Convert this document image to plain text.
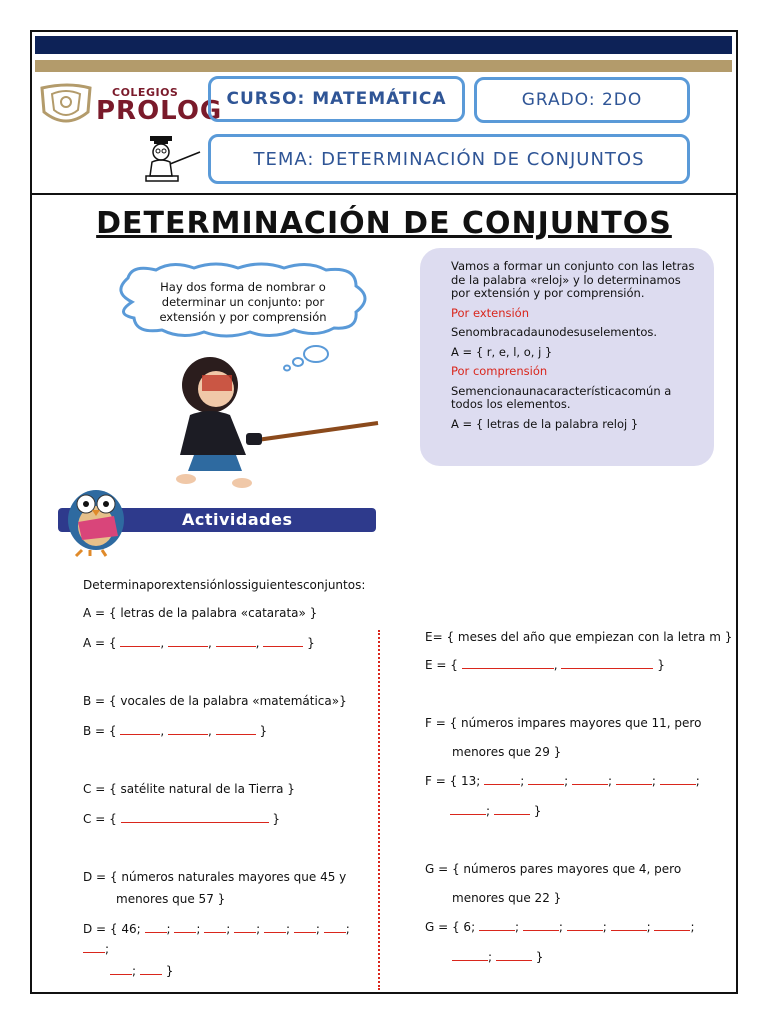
COLEGIOS
PROLOG CURSO: MATEMÁTICA	GRADO: 2DO
TEMA: DETERMINACIÓN DE CONJUNTOS
DETERMINACIÓN DE CONJUNTOS
Hay dos forma de nombrar o determinar un conjunto: por extensión y por comprensión

Vamos a formar un conjunto con las letras de la palabra «reloj» y lo determinamos por extensión y por comprensión.

Por extensión

Senombracadaunodesuselementos.

A = { r, e, l, o, j }

Por comprensión

Semencionaunacaracterísticacomún a todos los elementos.

A = { letras de la palabra reloj }

Actividades
Determinaporextensiónlossiguientesconjuntos:
A = { letras de la palabra «catarata» }
A = {	,	,	,	}
B = { vocales de la palabra «matemática»}
B = {	,	,	}
C = { satélite natural de la Tierra }
C = {	}
D = { números naturales mayores que 45 y
menores que 57 }
D = { 46; ; ; ; ; ; ; ;
;
; }
E= { meses del año que empiezan con la letra m }
E = {	,	}
F = { números impares mayores que 11, pero
menores que 29 }
F = { 13;	;	;	;	;	;
;	}
G = { números pares mayores que 4, pero
menores que 22 }
G = { 6;	;	;	;	;	;
;	}
